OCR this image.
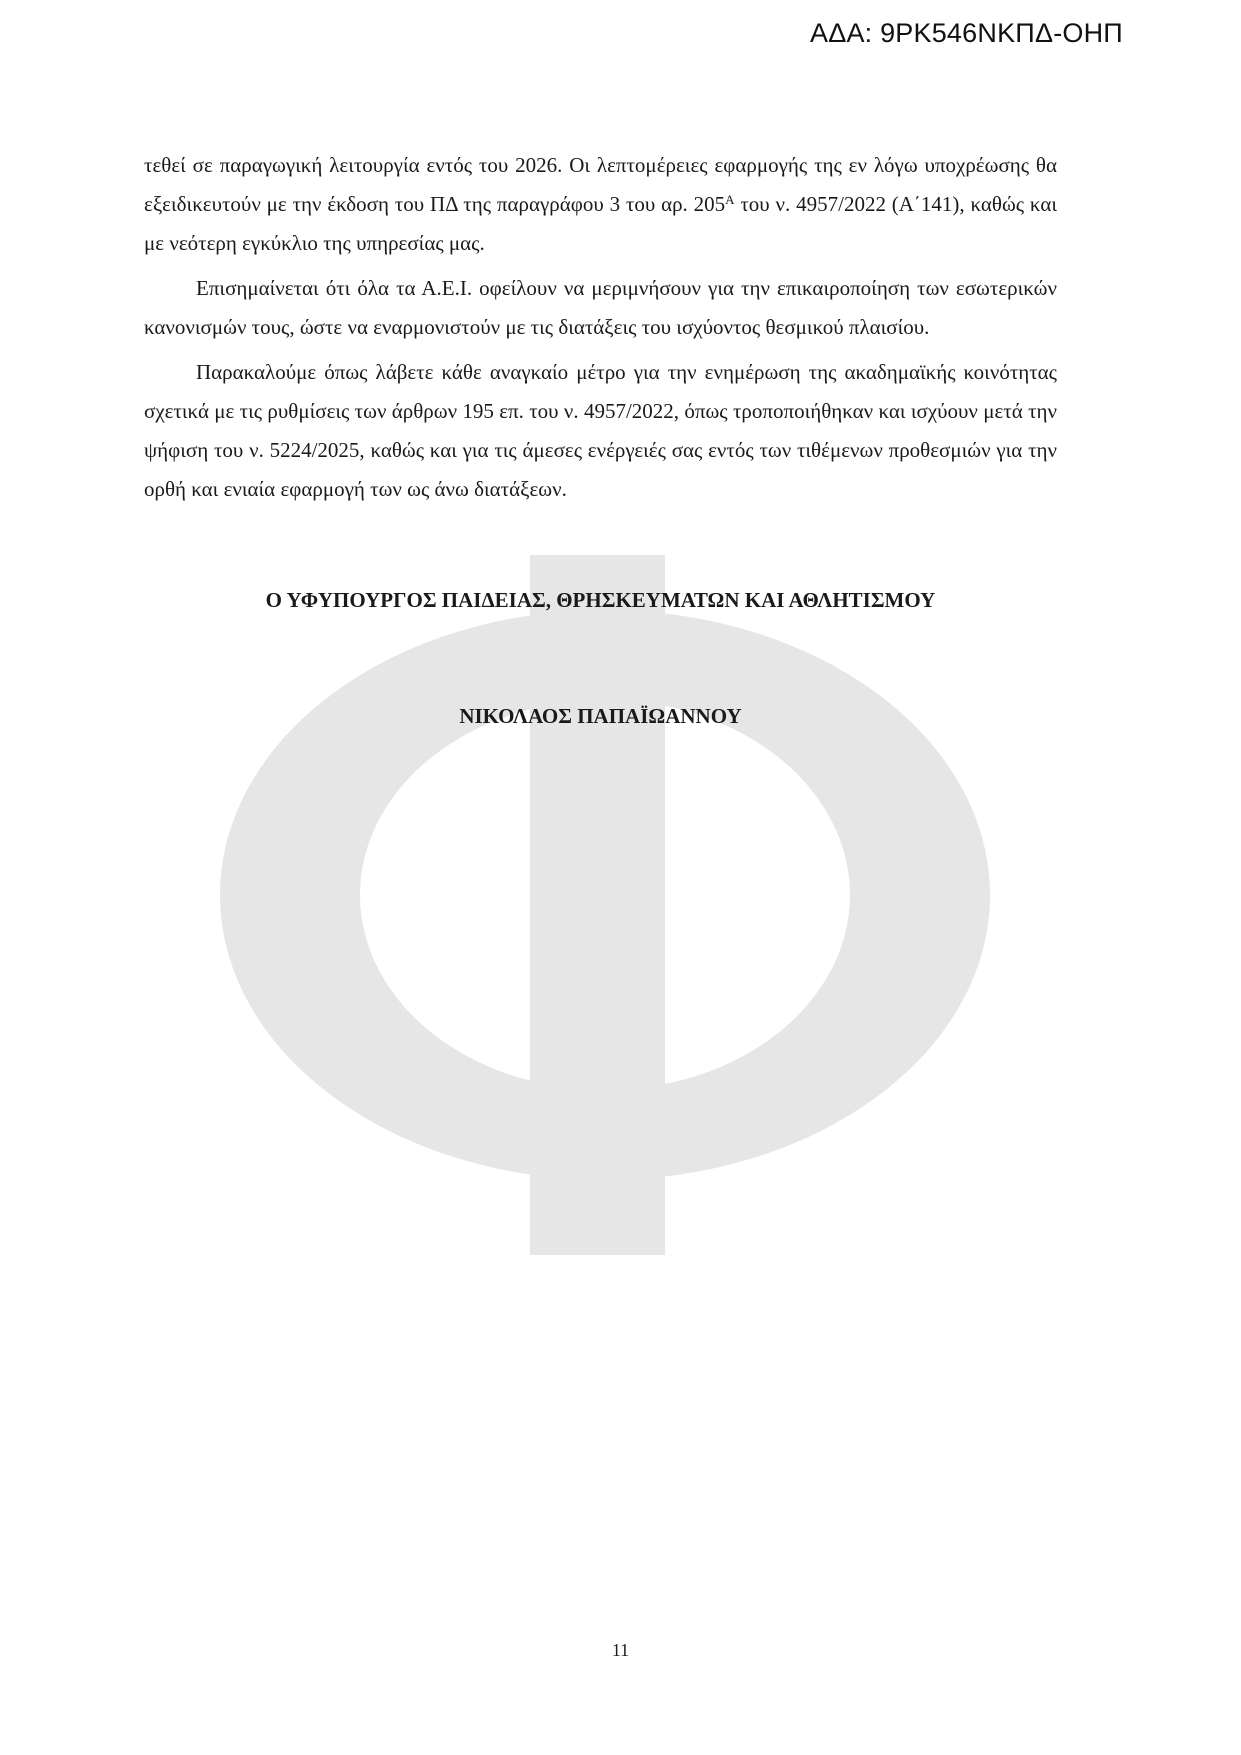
ΑΔΑ: 9ΡΚ546ΝΚΠΔ-ΟΗΠ

τεθεί σε παραγωγική λειτουργία εντός του 2026. Οι λεπτομέρειες εφαρμογής της εν λόγω υποχρέωσης θα εξειδικευτούν με την έκδοση του ΠΔ της παραγράφου 3 του αρ. $205^A$ του ν. 4957/2022 (Α΄141), καθώς και με νεότερη εγκύκλιο της υπηρεσίας μας.

Επισημαίνεται ότι όλα τα Α.Ε.Ι. οφείλουν να μεριμνήσουν για την επικαιροποίηση των εσωτερικών κανονισμών τους, ώστε να εναρμονιστούν με τις διατάξεις του ισχύοντος θεσμικού πλαισίου.

Παρακαλούμε όπως λάβετε κάθε αναγκαίο μέτρο για την ενημέρωση της ακαδημαϊκής κοινότητας σχετικά με τις ρυθμίσεις των άρθρων 195 επ. του ν. 4957/2022, όπως τροποποιήθηκαν και ισχύουν μετά την ψήφιση του ν. 5224/2025, καθώς και για τις άμεσες ενέργειές σας εντός των τιθέμενων προθεσμιών για την ορθή και ενιαία εφαρμογή των ως άνω διατάξεων.

Ο ΥΦΥΠΟΥΡΓΟΣ ΠΑΙΔΕΙΑΣ, ΘΡΗΣΚΕΥΜΑΤΩΝ ΚΑΙ ΑΘΛΗΤΙΣΜΟΥ
ΝΙΚΟΛΑΟΣ ΠΑΠΑΪΩΑΝΝΟΥ
11
